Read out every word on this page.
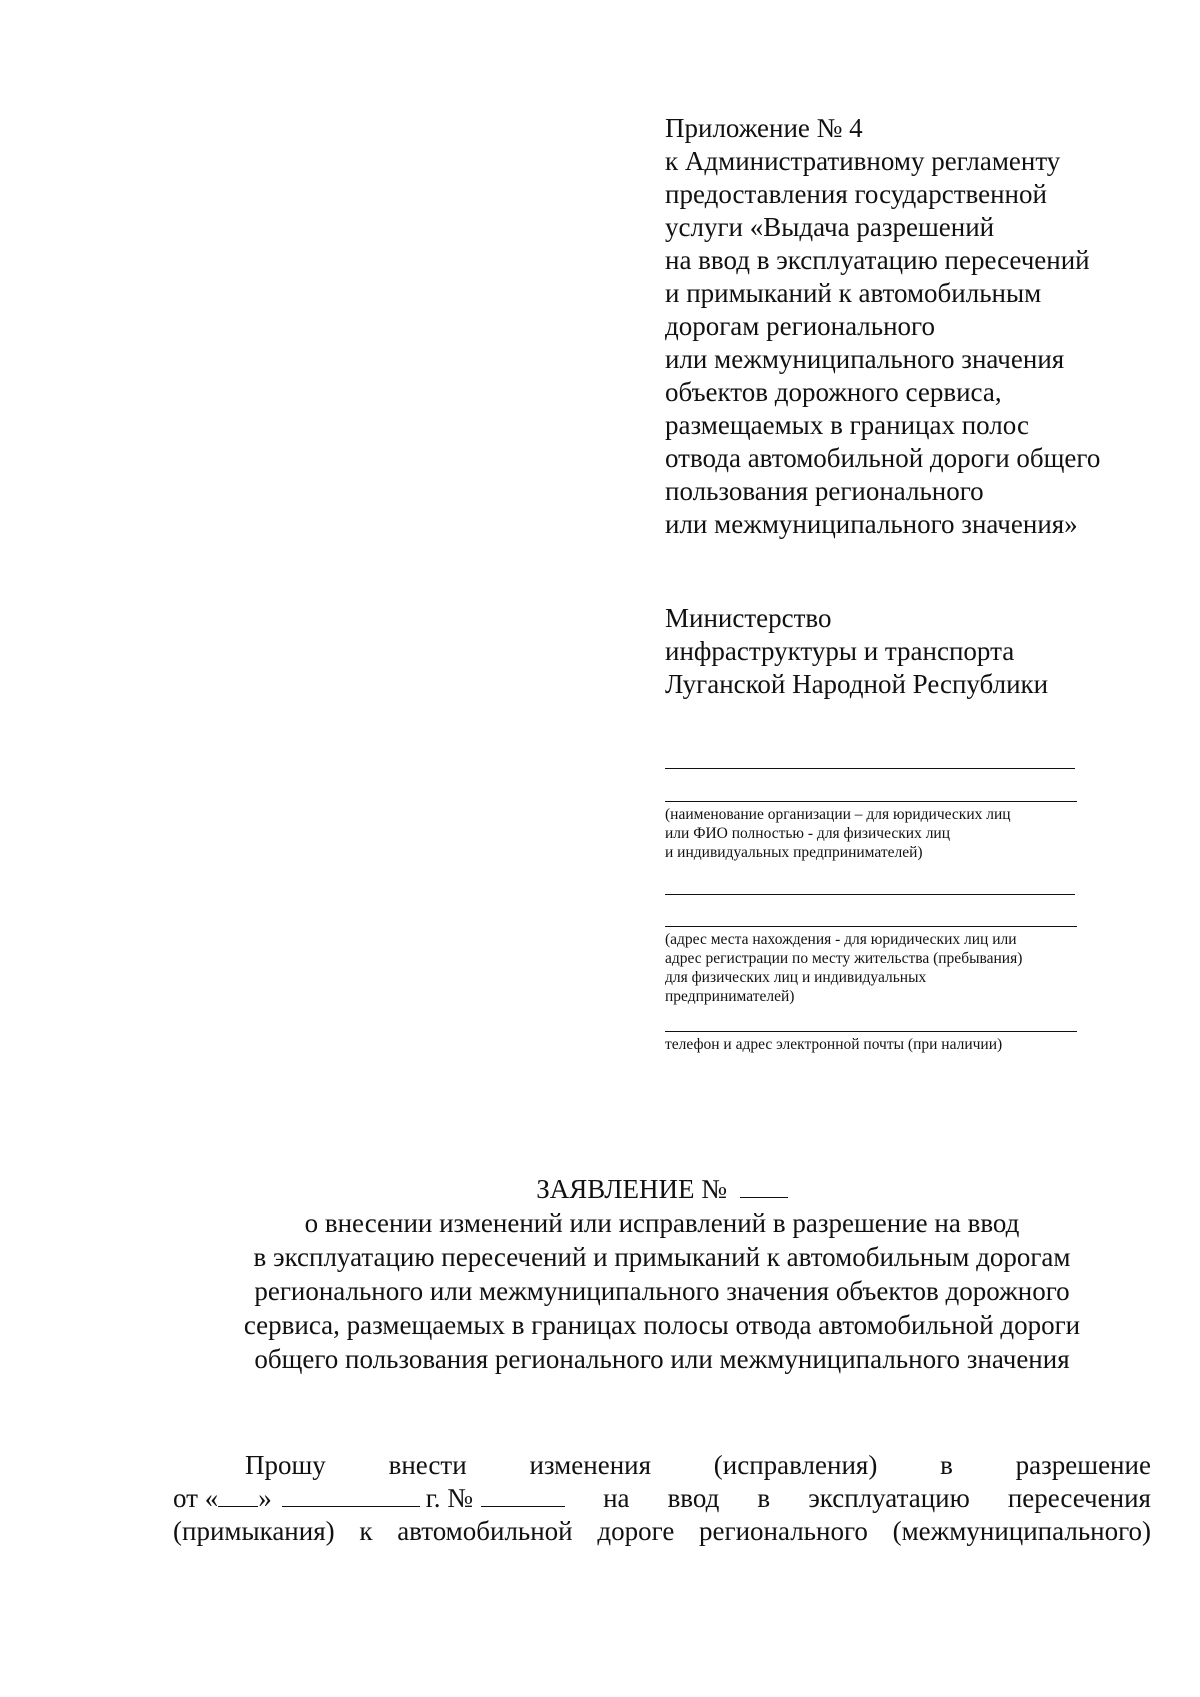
Приложение № 4
к Административному регламенту
предоставления государственной
услуги «Выдача разрешений
на ввод в эксплуатацию пересечений
и примыканий к автомобильным
дорогам регионального
или межмуниципального значения
объектов дорожного сервиса,
размещаемых в границах полос
отвода автомобильной дороги общего
пользования регионального
или межмуниципального значения»
Министерство
инфраструктуры и транспорта
Луганской Народной Республики
(наименование организации – для юридических лиц
или ФИО полностью - для физических лиц
и индивидуальных предпринимателей)
(адрес места нахождения - для юридических лиц или
адрес регистрации по месту жительства (пребывания)
для физических лиц и индивидуальных
предпринимателей)
телефон и адрес электронной почты (при наличии)
ЗАЯВЛЕНИЕ №
о внесении изменений или исправлений в разрешение на ввод
в эксплуатацию пересечений и примыканий к автомобильным дорогам
регионального или межмуниципального значения объектов дорожного
сервиса, размещаемых в границах полосы отвода автомобильной дороги
общего пользования регионального или межмуниципального значения
Прошу внести изменения (исправления) в разрешение
от « »	г. №	на ввод в эксплуатацию пересечения
(примыкания) к автомобильной дороге регионального (межмуниципального)
